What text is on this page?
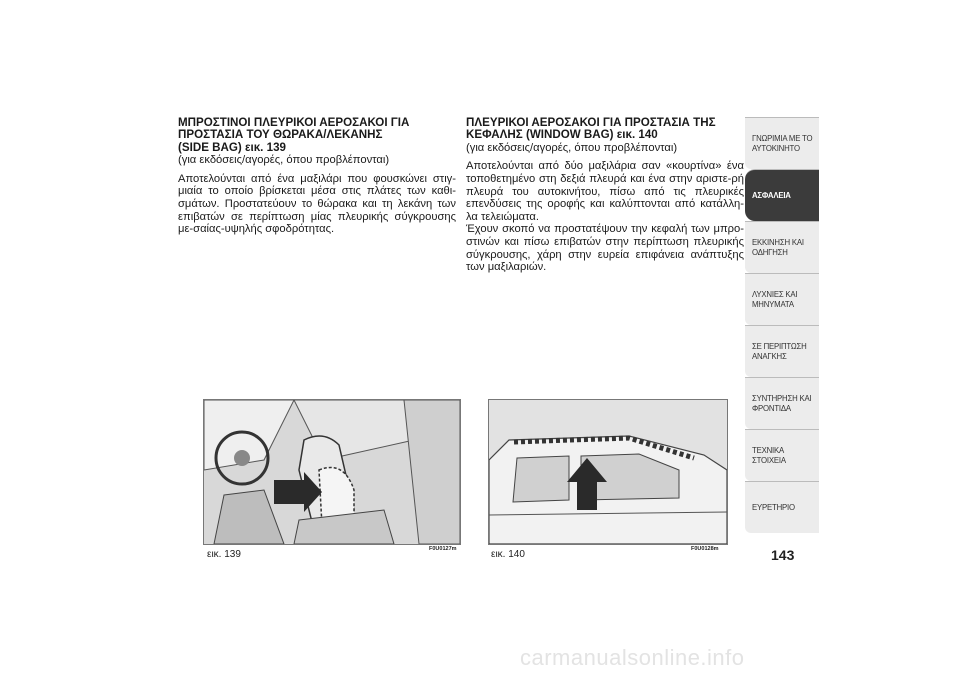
ΜΠΡΟΣΤΙΝΟΙ ΠΛΕΥΡΙΚΟΙ ΑΕΡΟΣΑΚΟΙ ΓΙΑ
ΠΡΟΣΤΑΣΙΑ ΤΟΥ ΘΩΡΑΚΑ/ΛΕΚΑΝΗΣ
(SIDE BAG) εικ. 139

(για εκδόσεις/αγορές, όπου προβλέπονται)

Αποτελούνται από ένα μαξιλάρι που φουσκώνει στιγ-μιαία το οποίο βρίσκεται μέσα στις πλάτες των καθι-σμάτων. Προστατεύουν το θώρακα και τη λεκάνη των επιβατών σε περίπτωση μίας πλευρικής σύγκρουσης με-σαίας-υψηλής σφοδρότητας.

ΠΛΕΥΡΙΚΟΙ ΑΕΡΟΣΑΚΟΙ ΓΙΑ ΠΡΟΣΤΑΣΙΑ ΤΗΣ
ΚΕΦΑΛΗΣ (WINDOW BAG) εικ. 140

(για εκδόσεις/αγορές, όπου προβλέπονται)

Αποτελούνται από δύο μαξιλάρια σαν «κουρτίνα» ένα τοποθετημένο στη δεξιά πλευρά και ένα στην αριστε-ρή πλευρά του αυτοκινήτου, πίσω από τις πλευρικές επενδύσεις της οροφής και καλύπτονται από κατάλλη-λα τελειώματα.

Έχουν σκοπό να προστατέψουν την κεφαλή των μπρο-στινών και πίσω επιβατών στην περίπτωση πλευρικής σύγκρουσης, χάρη στην ευρεία επιφάνεια ανάπτυξης των μαξιλαριών.

εικ. 139	F0U0127m	εικ. 140	F0U0128m
ΓΝΩΡΙΜΙΑ ΜΕ ΤΟ
ΑΥΤΟΚΙΝΗΤΟ
ΑΣΦΑΛΕΙΑ
ΕΚΚΙΝΗΣΗ ΚΑΙ
ΟΔΗΓΗΣΗ
ΛΥΧΝΙΕΣ ΚΑΙ
ΜΗΝΥΜΑΤΑ
ΣΕ ΠΕΡΙΠΤΩΣΗ
ΑΝΑΓΚΗΣ
ΣΥΝΤΗΡΗΣΗ ΚΑΙ
ΦΡΟΝΤΙΔΑ
ΤΕΧΝΙΚΑ ΣΤΟΙΧΕΙΑ
ΕΥΡΕΤΗΡΙΟ
143
carmanualsonline.info
